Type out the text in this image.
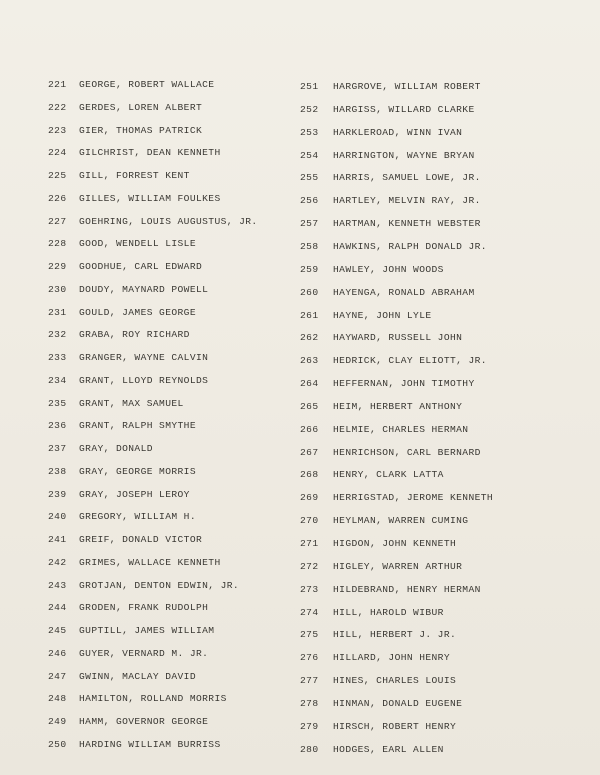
221	GEORGE, ROBERT WALLACE
222	GERDES, LOREN ALBERT
223	GIER, THOMAS PATRICK
224	GILCHRIST, DEAN KENNETH
225	GILL, FORREST KENT
226	GILLES, WILLIAM FOULKES
227	GOEHRING, LOUIS AUGUSTUS, JR.
228	GOOD, WENDELL LISLE
229	GOODHUE, CARL EDWARD
230	DOUDY, MAYNARD POWELL
231	GOULD, JAMES GEORGE
232	GRABA, ROY RICHARD
233	GRANGER, WAYNE CALVIN
234	GRANT, LLOYD REYNOLDS
235	GRANT, MAX SAMUEL
236	GRANT, RALPH SMYTHE
237	GRAY, DONALD
238	GRAY, GEORGE MORRIS
239	GRAY, JOSEPH LEROY
240	GREGORY, WILLIAM H.
241	GREIF, DONALD VICTOR
242	GRIMES, WALLACE KENNETH
243	GROTJAN, DENTON EDWIN, JR.
244	GRODEN, FRANK RUDOLPH
245	GUPTILL, JAMES WILLIAM
246	GUYER, VERNARD M. JR.
247	GWINN, MACLAY DAVID
248	HAMILTON, ROLLAND MORRIS
249	HAMM, GOVERNOR GEORGE
250	HARDING WILLIAM BURRISS
251	HARGROVE, WILLIAM ROBERT
252	HARGISS, WILLARD CLARKE
253	HARKLEROAD, WINN IVAN
254	HARRINGTON, WAYNE BRYAN
255	HARRIS, SAMUEL LOWE, JR.
256	HARTLEY, MELVIN RAY, JR.
257	HARTMAN, KENNETH WEBSTER
258	HAWKINS, RALPH DONALD JR.
259	HAWLEY, JOHN WOODS
260	HAYENGA, RONALD ABRAHAM
261	HAYNE, JOHN LYLE
262	HAYWARD, RUSSELL JOHN
263	HEDRICK, CLAY ELIOTT, JR.
264	HEFFERNAN, JOHN TIMOTHY
265	HEIM, HERBERT ANTHONY
266	HELMIE, CHARLES HERMAN
267	HENRICHSON, CARL BERNARD
268	HENRY, CLARK LATTA
269	HERRIGSTAD, JEROME KENNETH
270	HEYLMAN, WARREN CUMING
271	HIGDON, JOHN KENNETH
272	HIGLEY, WARREN ARTHUR
273	HILDEBRAND, HENRY HERMAN
274	HILL, HAROLD WIBUR
275	HILL, HERBERT J. JR.
276	HILLARD, JOHN HENRY
277	HINES, CHARLES LOUIS
278	HINMAN, DONALD EUGENE
279	HIRSCH, ROBERT HENRY
280	HODGES, EARL ALLEN
